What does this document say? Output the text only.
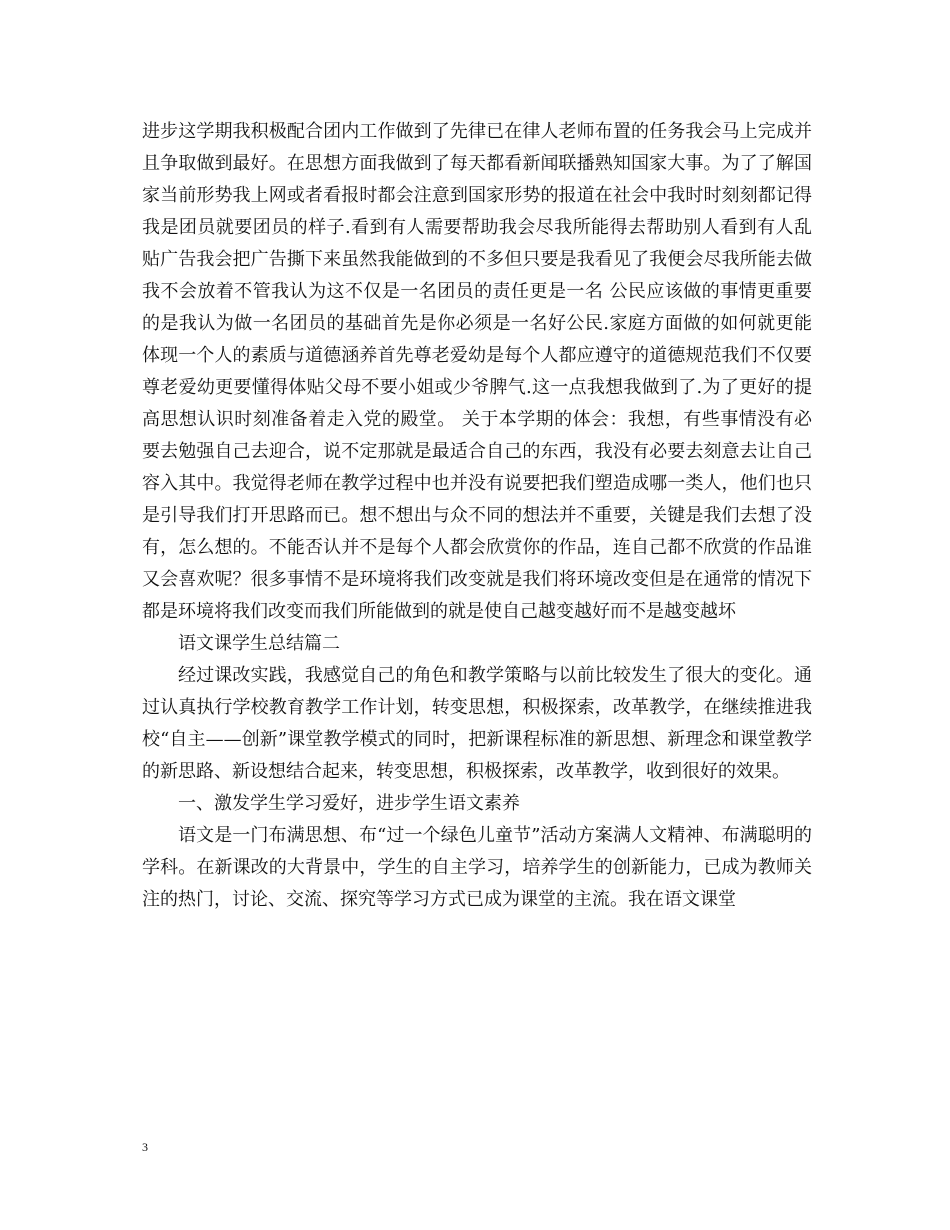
进步这学期我积极配合团内工作做到了先律已在律人老师布置的任务我会马上完成并且争取做到最好。在思想方面我做到了每天都看新闻联播熟知国家大事。为了了解国家当前形势我上网或者看报时都会注意到国家形势的报道在社会中我时时刻刻都记得我是团员就要团员的样子.看到有人需要帮助我会尽我所能得去帮助别人看到有人乱贴广告我会把广告撕下来虽然我能做到的不多但只要是我看见了我便会尽我所能去做我不会放着不管我认为这不仅是一名团员的责任更是一名 公民应该做的事情更重要的是我认为做一名团员的基础首先是你必须是一名好公民.家庭方面做的如何就更能体现一个人的素质与道德涵养首先尊老爱幼是每个人都应遵守的道德规范我们不仅要尊老爱幼更要懂得体贴父母不要小姐或少爷脾气.这一点我想我做到了.为了更好的提高思想认识时刻准备着走入党的殿堂。 关于本学期的体会：我想，有些事情没有必要去勉强自己去迎合，说不定那就是最适合自己的东西，我没有必要去刻意去让自己容入其中。我觉得老师在教学过程中也并没有说要把我们塑造成哪一类人，他们也只是引导我们打开思路而已。想不想出与众不同的想法并不重要，关键是我们去想了没有，怎么想的。不能否认并不是每个人都会欣赏你的作品，连自己都不欣赏的作品谁又会喜欢呢？很多事情不是环境将我们改变就是我们将环境改变但是在通常的情况下都是环境将我们改变而我们所能做到的就是使自己越变越好而不是越变越坏

语文课学生总结篇二

经过课改实践，我感觉自己的角色和教学策略与以前比较发生了很大的变化。通过认真执行学校教育教学工作计划，转变思想，积极探索，改革教学，在继续推进我校“自主——创新”课堂教学模式的同时，把新课程标准的新思想、新理念和课堂教学的新思路、新设想结合起来，转变思想，积极探索，改革教学，收到很好的效果。

一、激发学生学习爱好，进步学生语文素养

语文是一门布满思想、布“过一个绿色儿童节”活动方案满人文精神、布满聪明的学科。在新课改的大背景中，学生的自主学习，培养学生的创新能力，已成为教师关注的热门，讨论、交流、探究等学习方式已成为课堂的主流。我在语文课堂

3
